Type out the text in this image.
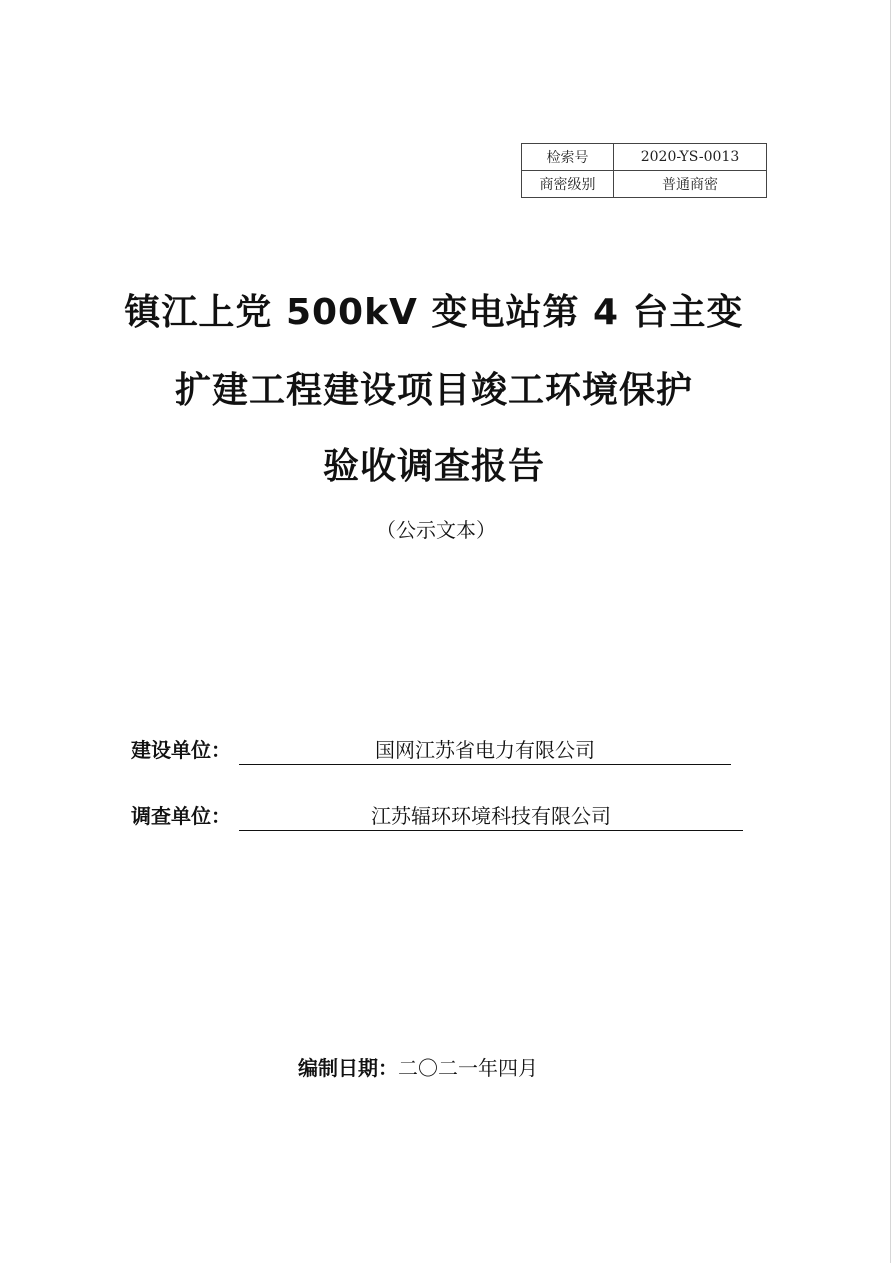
检索号	2020-YS-0013
商密级别	普通商密
镇江上党 500kV 变电站第 4 台主变
扩建工程建设项目竣工环境保护
验收调查报告
（公示文本）
建设单位：	国网江苏省电力有限公司
调查单位：	江苏辐环环境科技有限公司
编制日期：二〇二一年四月
